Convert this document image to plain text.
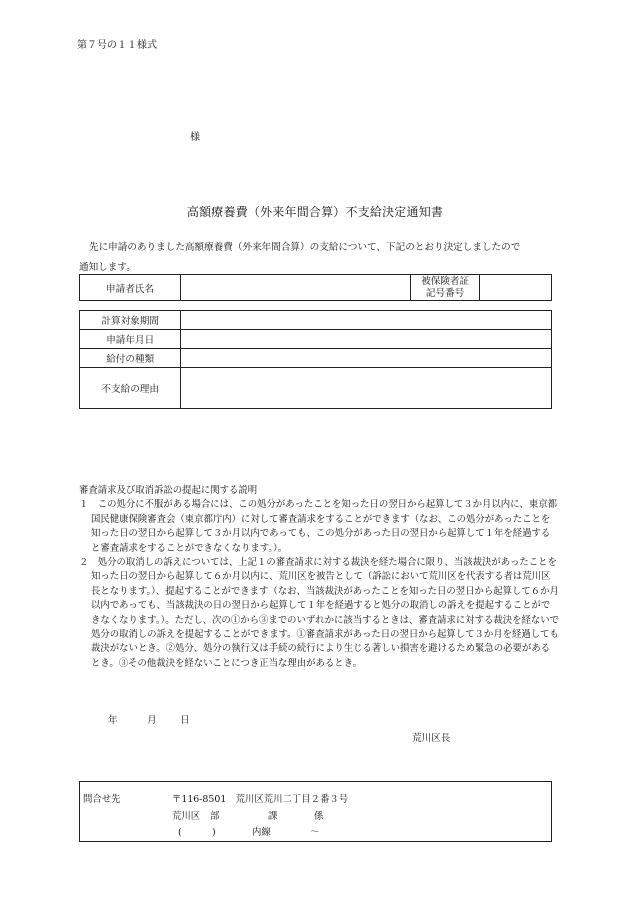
第７号の１１様式
様
高額療養費（外来年間合算）不支給決定通知書
先に申請のありました高額療養費（外来年間合算）の支給について、下記のとおり決定しましたので
通知します。
申請者氏名		被保険者証
記号番号	
計算対象期間	
申請年月日	
給付の種類	
不支給の理由	
審査請求及び取消訴訟の提起に関する説明
１　この処分に不服がある場合には、この処分があったことを知った日の翌日から起算して３か月以内に、東京都国民健康保険審査会（東京都庁内）に対して審査請求をすることができます（なお、この処分があったことを知った日の翌日から起算して３か月以内であっても、この処分があった日の翌日から起算して１年を経過すると審査請求をすることができなくなります。）。
２　処分の取消しの訴えについては、上記１の審査請求に対する裁決を経た場合に限り、当該裁決があったことを知った日の翌日から起算して６か月以内に、荒川区を被告として（訴訟において荒川区を代表する者は荒川区長となります。）、提起することができます（なお、当該裁決があったことを知った日の翌日から起算して６か月以内であっても、当該裁決の日の翌日から起算して１年を経過すると処分の取消しの訴えを提起することができなくなります。）。ただし、次の①から③までのいずれかに該当するときは、審査請求に対する裁決を経ないで処分の取消しの訴えを提起することができます。①審査請求があった日の翌日から起算して３か月を経過しても裁決がないとき。②処分、処分の執行又は手続の続行により生じる著しい損害を避けるため緊急の必要があるとき。③その他裁決を経ないことにつき正当な理由があるとき。
年	月 日
荒川区長
問合せ先	〒116-8501　荒川区荒川二丁目２番３号
荒川区 部	課	係
(	)	内線	～
